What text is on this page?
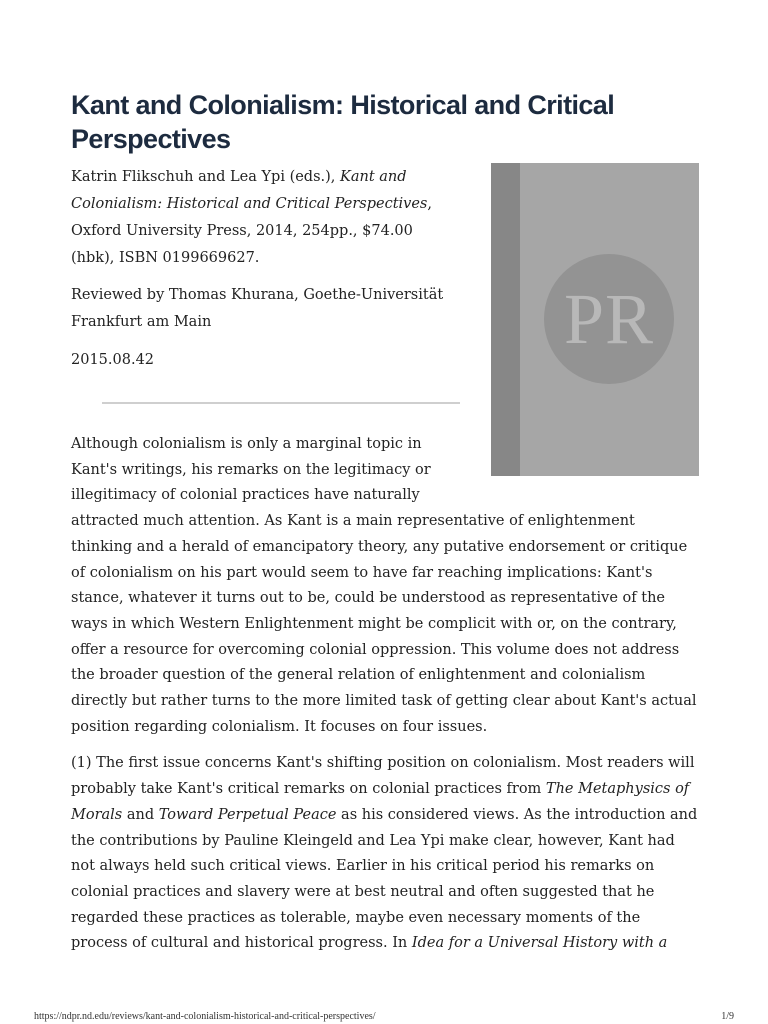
Kant and Colonialism: Historical and Critical Perspectives
Katrin Flikschuh and Lea Ypi (eds.), Kant and Colonialism: Historical and Critical Perspectives, Oxford University Press, 2014, 254pp., $74.00 (hbk), ISBN 0199669627.
Reviewed by Thomas Khurana, Goethe-Universität Frankfurt am Main
2015.08.42
PR

Although colonialism is only a marginal topic in Kant's writings, his remarks on the legitimacy or illegitimacy of colonial practices have naturally attracted much attention. As Kant is a main representative of enlightenment thinking and a herald of emancipatory theory, any putative endorsement or critique of colonialism on his part would seem to have far reaching implications: Kant's stance, whatever it turns out to be, could be understood as representative of the ways in which Western Enlightenment might be complicit with or, on the contrary, offer a resource for overcoming colonial oppression. This volume does not address the broader question of the general relation of enlightenment and colonialism directly but rather turns to the more limited task of getting clear about Kant's actual position regarding colonialism. It focuses on four issues.

(1) The first issue concerns Kant's shifting position on colonialism. Most readers will probably take Kant's critical remarks on colonial practices from The Metaphysics of Morals and Toward Perpetual Peace as his considered views. As the introduction and the contributions by Pauline Kleingeld and Lea Ypi make clear, however, Kant had not always held such critical views. Earlier in his critical period his remarks on colonial practices and slavery were at best neutral and often suggested that he regarded these practices as tolerable, maybe even necessary moments of the process of cultural and historical progress. In Idea for a Universal History with a

https://ndpr.nd.edu/reviews/kant-and-colonialism-historical-and-critical-perspectives/	1/9
